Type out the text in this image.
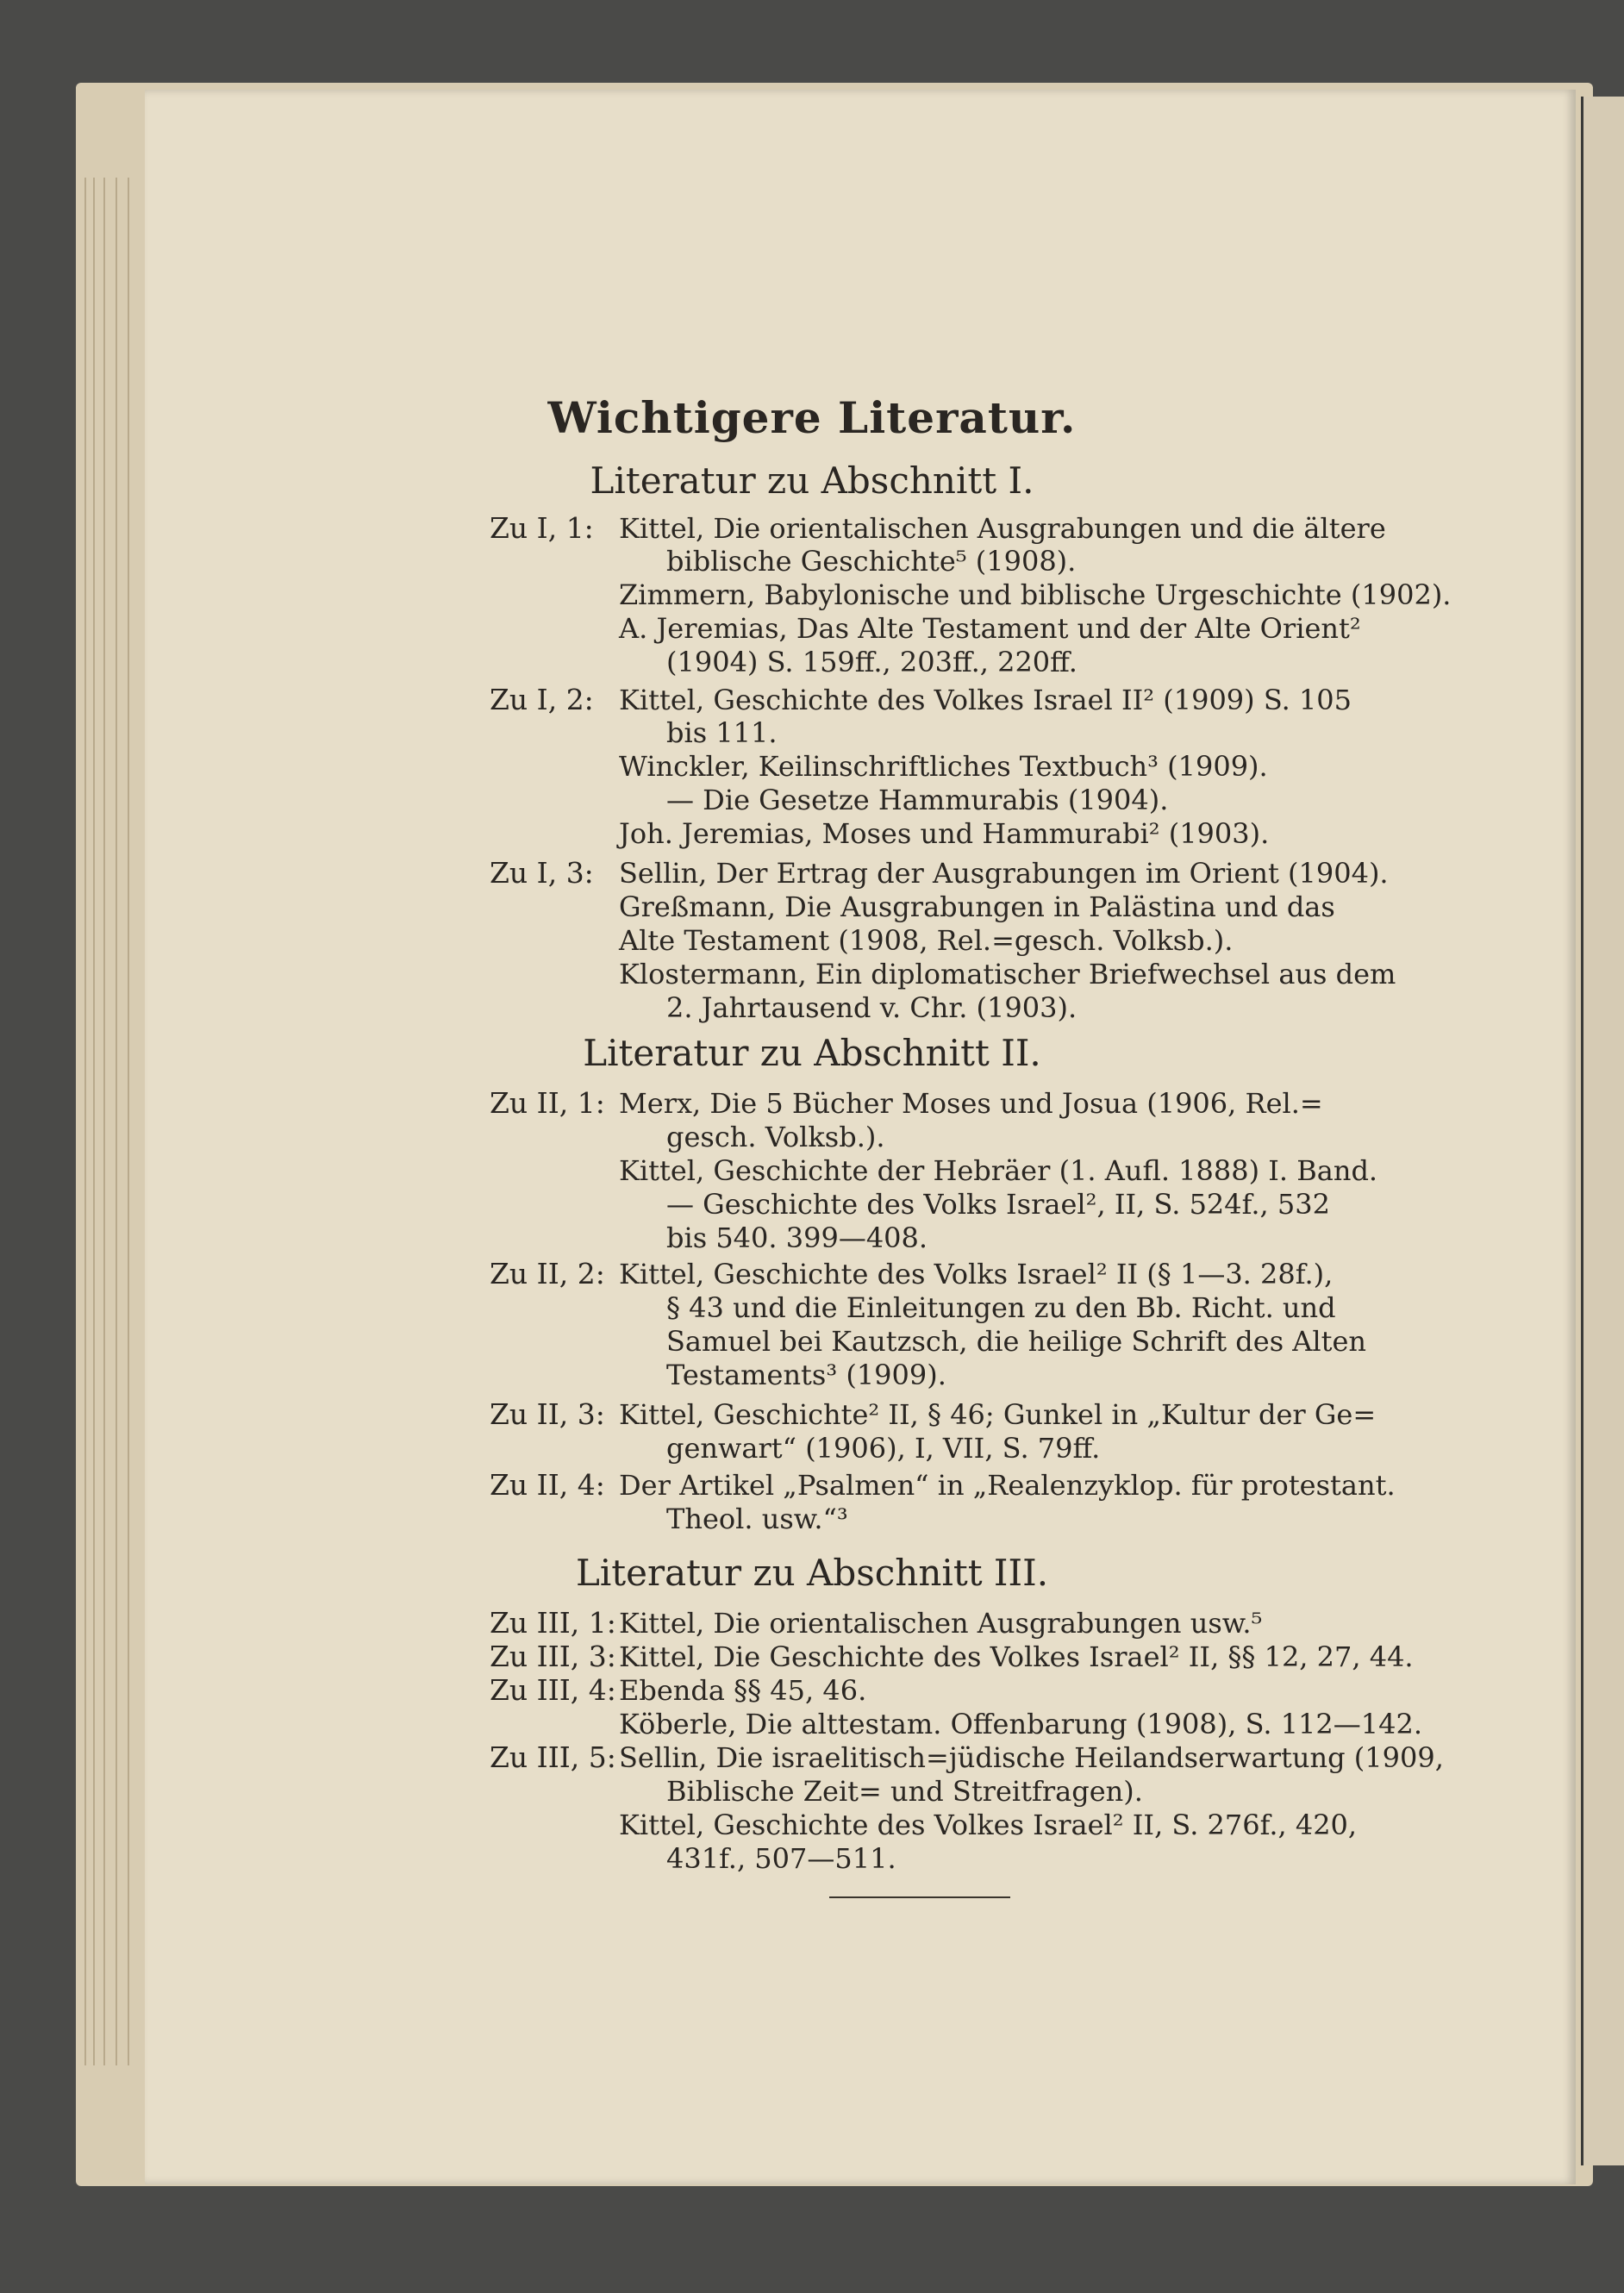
Wichtigere Literatur.
Literatur zu Abschnitt I.
Literatur zu Abschnitt II.
Literatur zu Abschnitt III.
Zu I, 1: Kittel, Die orientalischen Ausgrabungen und die ältere
biblische Geschichte⁵ (1908).
Zimmern, Babylonische und biblische Urgeschichte (1902).
A. Jeremias, Das Alte Testament und der Alte Orient²
(1904) S. 159ff., 203ff., 220ff.
Zu I, 2: Kittel, Geschichte des Volkes Israel II² (1909) S. 105
bis 111.
Winckler, Keilinschriftliches Textbuch³ (1909).
— Die Gesetze Hammurabis (1904).
Joh. Jeremias, Moses und Hammurabi² (1903).
Zu I, 3: Sellin, Der Ertrag der Ausgrabungen im Orient (1904).
Greßmann, Die Ausgrabungen in Palästina und das
Alte Testament (1908, Rel.=gesch. Volksb.).
Klostermann, Ein diplomatischer Briefwechsel aus dem
2. Jahrtausend v. Chr. (1903).
Zu II, 1: Merx, Die 5 Bücher Moses und Josua (1906, Rel.=
gesch. Volksb.).
Kittel, Geschichte der Hebräer (1. Aufl. 1888) I. Band.
— Geschichte des Volks Israel², II, S. 524f., 532
bis 540. 399—408.
Zu II, 2: Kittel, Geschichte des Volks Israel² II (§ 1—3. 28f.),
§ 43 und die Einleitungen zu den Bb. Richt. und
Samuel bei Kautzsch, die heilige Schrift des Alten
Testaments³ (1909).
Zu II, 3: Kittel, Geschichte² II, § 46; Gunkel in „Kultur der Ge=
genwart“ (1906), I, VII, S. 79ff.
Zu II, 4: Der Artikel „Psalmen“ in „Realenzyklop. für protestant.
Theol. usw.“³
Zu III, 1: Kittel, Die orientalischen Ausgrabungen usw.⁵
Zu III, 3: Kittel, Die Geschichte des Volkes Israel² II, §§ 12, 27, 44.
Zu III, 4: Ebenda §§ 45, 46.
Köberle, Die alttestam. Offenbarung (1908), S. 112—142.
Zu III, 5: Sellin, Die israelitisch=jüdische Heilandserwartung (1909,
Biblische Zeit= und Streitfragen).
Kittel, Geschichte des Volkes Israel² II, S. 276f., 420,
431f., 507—511.
